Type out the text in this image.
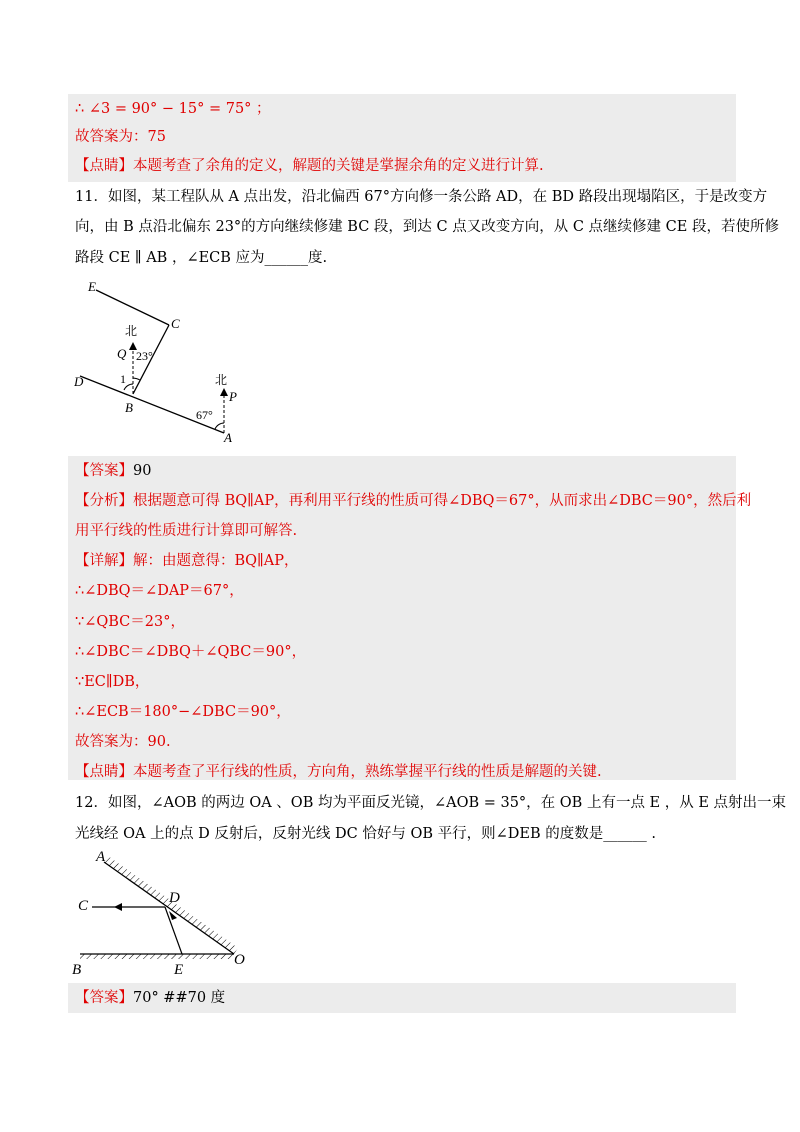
∴ ∠3 = 90° − 15° = 75° ；
故答案为：75
【点睛】本题考查了余角的定义，解题的关键是掌握余角的定义进行计算.
11．如图，某工程队从 A 点出发，沿北偏西 67°方向修一条公路 AD，在 BD 路段出现塌陷区，于是改变方
向，由 B 点沿北偏东 23°的方向继续修建 BC 段，到达 C 点又改变方向，从 C 点继续修建 CE 段，若使所修
路段 CE ∥ AB ，∠ECB 应为______度.
E
C
北
Q 23°
D	1
B
北
P
67°
A
【答案】90
【分析】根据题意可得 BQ∥AP，再利用平行线的性质可得∠DBQ＝67°，从而求出∠DBC＝90°，然后利
用平行线的性质进行计算即可解答.
【详解】解：由题意得：BQ∥AP，
∴∠DBQ＝∠DAP＝67°，
∵∠QBC＝23°，
∴∠DBC＝∠DBQ＋∠QBC＝90°，
∵EC∥DB，
∴∠ECB＝180°−∠DBC＝90°，
故答案为：90.
【点睛】本题考查了平行线的性质，方向角，熟练掌握平行线的性质是解题的关键.
12．如图，∠AOB 的两边 OA 、OB 均为平面反光镜，∠AOB = 35°，在 OB 上有一点 E ，从 E 点射出一束
光线经 OA 上的点 D 反射后，反射光线 DC 恰好与 OB 平行，则∠DEB 的度数是______ .
A
C	D
B	E
O
【答案】70° ##70 度
